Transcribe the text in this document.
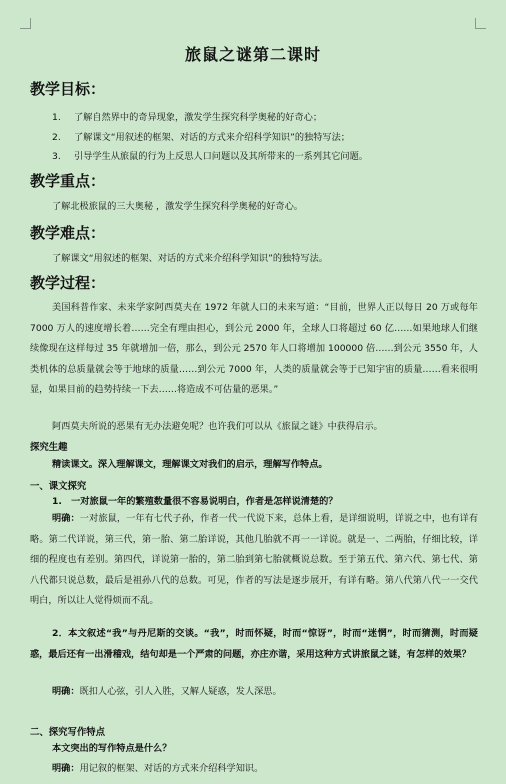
旅鼠之谜第二课时
教学目标：
1. 了解自然界中的奇异现象，激发学生探究科学奥秘的好奇心；
2. 了解课文“用叙述的框架、对话的方式来介绍科学知识”的独特写法；
3. 引导学生从旅鼠的行为上反思人口问题以及其所带来的一系列其它问题。
教学重点：
了解北极旅鼠的三大奥秘 ，激发学生探究科学奥秘的好奇心。
教学难点：
了解课文“用叙述的框架、对话的方式来介绍科学知识”的独特写法。
教学过程：
美国科普作家、未来学家阿西莫夫在 1972 年就人口的未来写道：“目前，世界人正以每日 20 万或每年 7000 万人的速度增长着……完全有理由担心，到公元 2000 年，全球人口将超过 60 亿……如果地球人们继续像现在这样每过 35 年就增加一倍，那么，到公元 2570 年人口将增加 100000 倍……到公元 3550 年，人类机体的总质量就会等于地球的质量……到公元 7000 年，人类的质量就会等于已知宇宙的质量……看来很明显，如果目前的趋势持续一下去……将造成不可估量的恶果。”
阿西莫夫所说的恶果有无办法避免呢？也许我们可以从《旅鼠之谜》中获得启示。
探究生趣
精读课文。深入理解课文，理解课文对我们的启示，理解写作特点。
一、课文探究
1.　一对旅鼠一年的繁殖数量很不容易说明白，作者是怎样说清楚的？
明确：一对旅鼠，一年有七代子孙，作者一代一代说下来，总体上看，是详细说明，详说之中，也有详有略。第二代详说，第三代，第一胎、第二胎详说，其他几胎就不再一一详说。就是一、二两胎，仔细比较，详细的程度也有差别。第四代，详说第一胎的，第二胎到第七胎就概说总数。至于第五代、第六代、第七代、第八代都只说总数，最后是祖孙八代的总数。可见，作者的写法是逐步展开，有详有略。第八代第八代一一交代明白，所以让人觉得烦而不乱。
2．本文叙述“我”与丹尼斯的交谈。“我”，时而怀疑，时而“惊讶”，时而“迷惘”，时而猜测，时而疑惑，最后还有一出滑稽戏，结句却是一个严肃的问题，亦庄亦谐，采用这种方式讲旅鼠之谜，有怎样的效果？
明确：既扣人心弦，引人入胜，又解人疑惑，发人深思。
二、探究写作特点
本文突出的写作特点是什么？
明确：用记叙的框架、对话的方式来介绍科学知识。
